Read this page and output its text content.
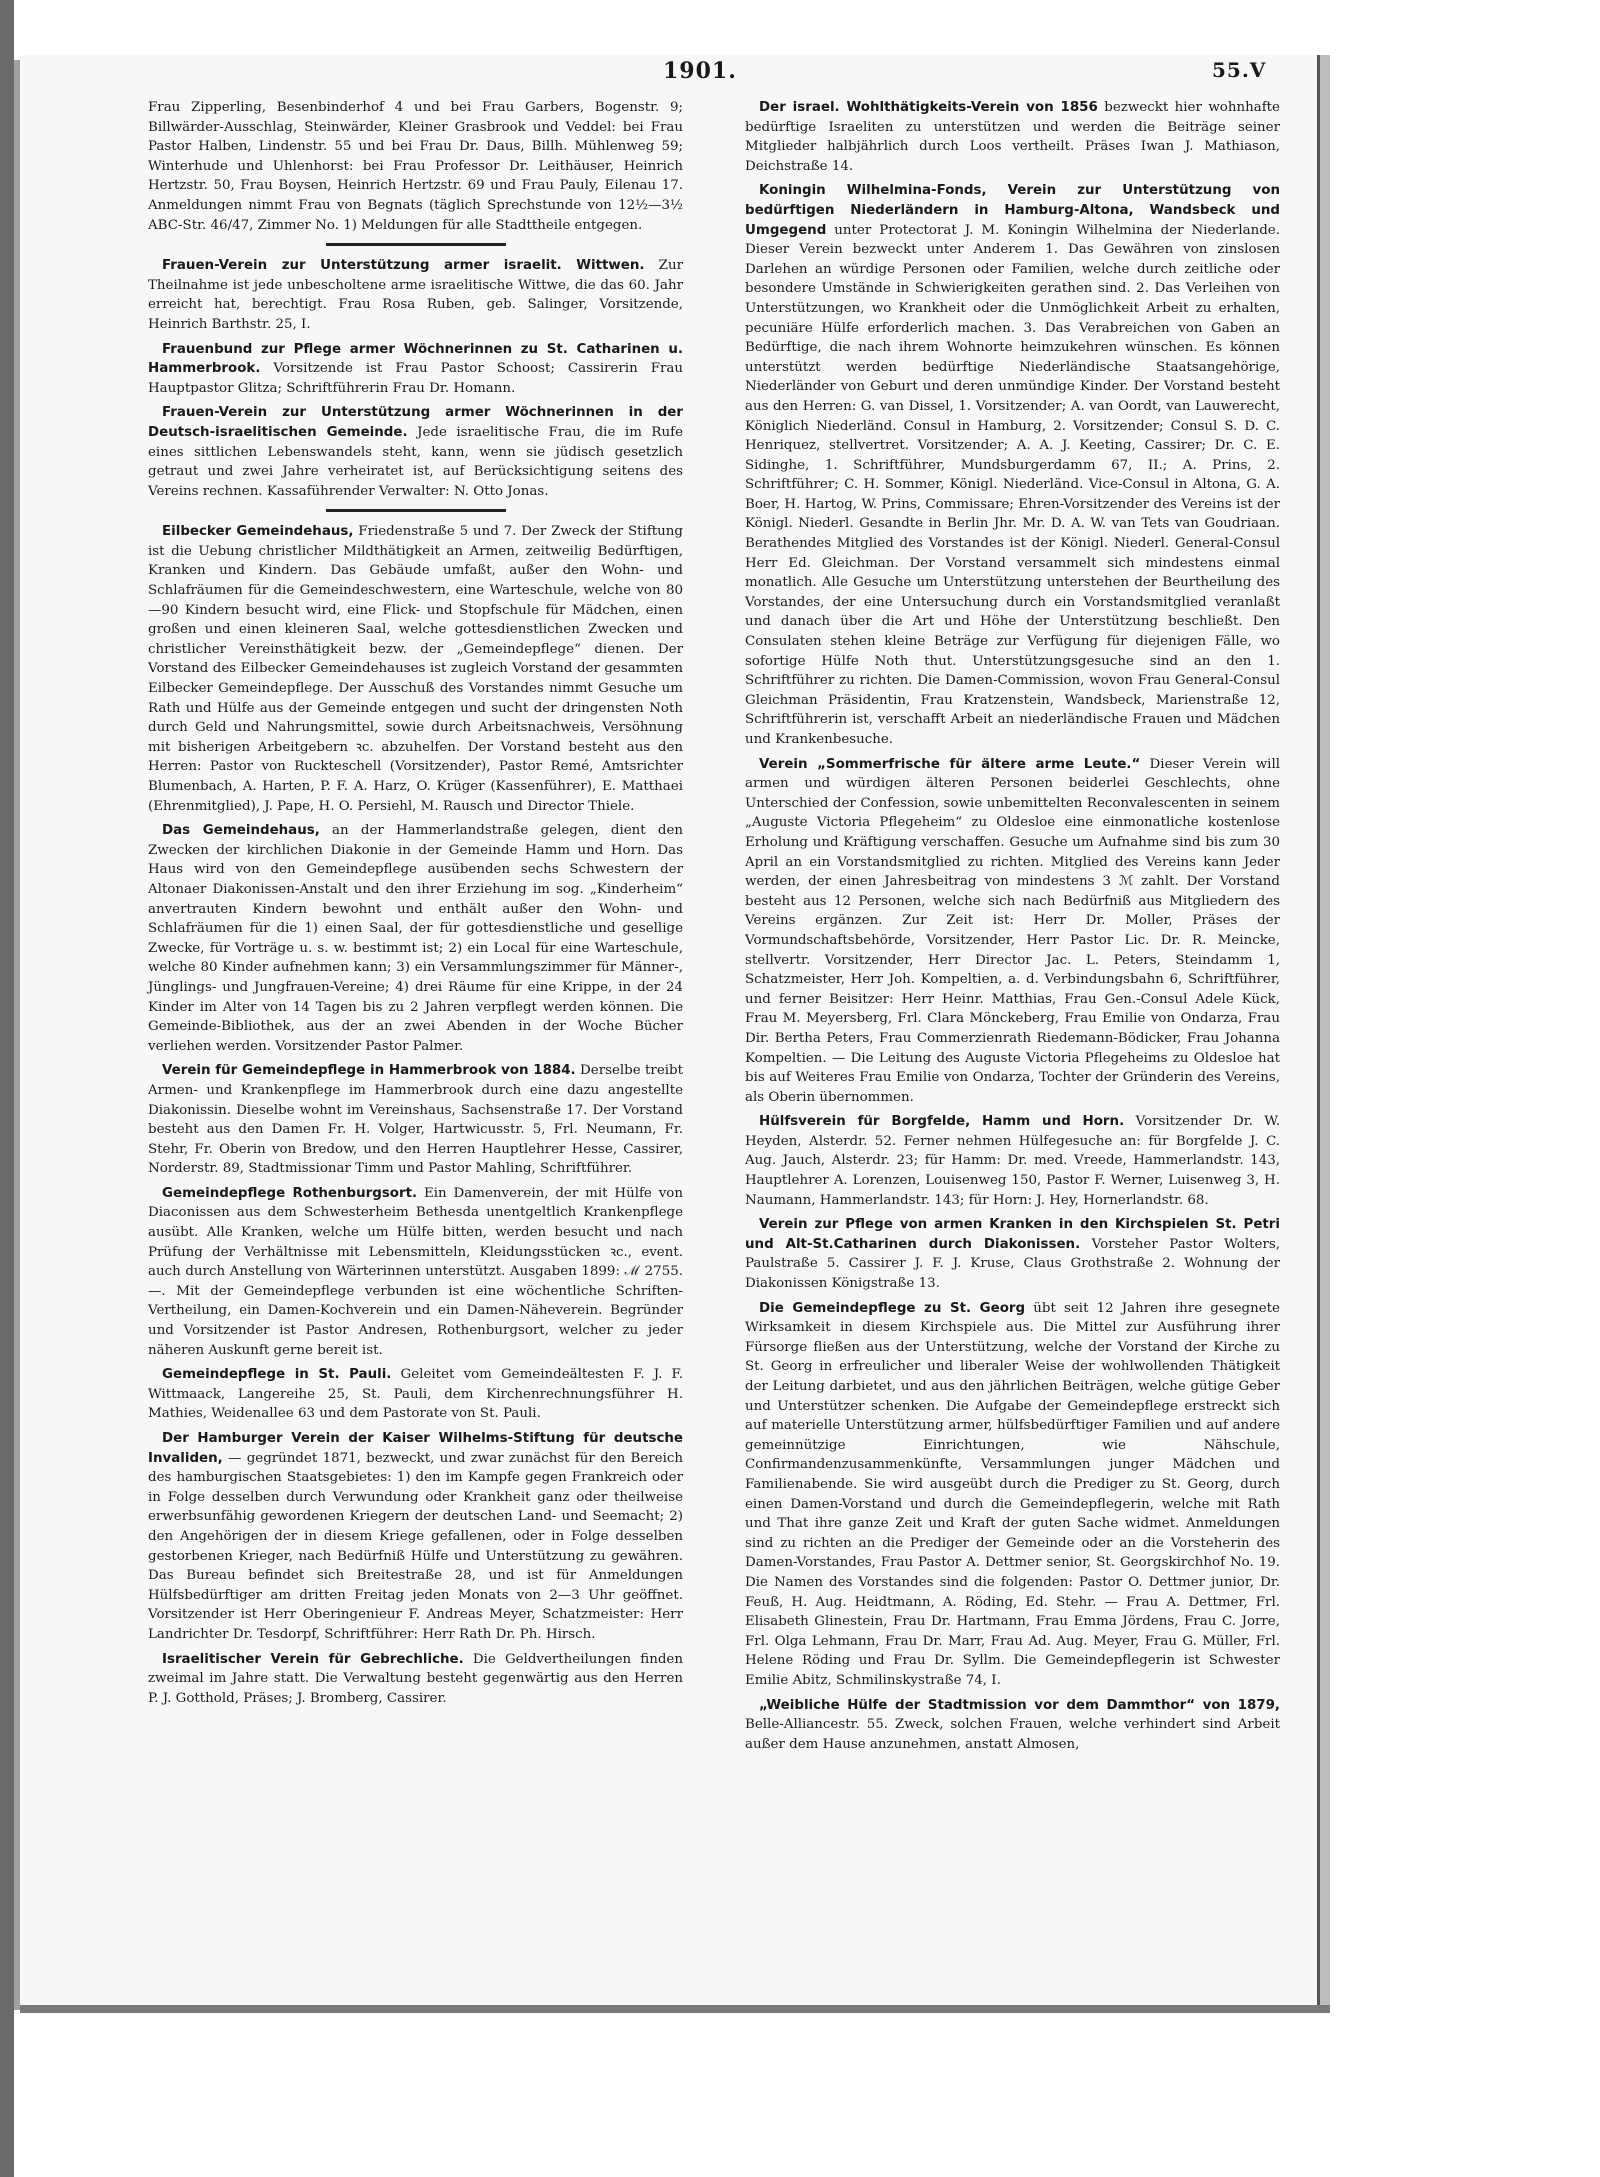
1901.	55.V

Frau Zipperling, Besenbinderhof 4 und bei Frau Garbers, Bogenstr. 9; Billwärder-Ausschlag, Steinwärder, Kleiner Grasbrook und Veddel: bei Frau Pastor Halben, Lindenstr. 55 und bei Frau Dr. Daus, Billh. Mühlenweg 59; Winterhude und Uhlenhorst: bei Frau Professor Dr. Leithäuser, Heinrich Hertzstr. 50, Frau Boysen, Heinrich Hertzstr. 69 und Frau Pauly, Eilenau 17. Anmeldungen nimmt Frau von Begnats (täglich Sprechstunde von 12½—3½ ABC-Str. 46/47, Zimmer No. 1) Meldungen für alle Stadttheile entgegen.

Frauen-Verein zur Unterstützung armer israelit. Wittwen. Zur Theilnahme ist jede unbescholtene arme israelitische Wittwe, die das 60. Jahr erreicht hat, berechtigt. Frau Rosa Ruben, geb. Salinger, Vorsitzende, Heinrich Barthstr. 25, I.

Frauenbund zur Pflege armer Wöchnerinnen zu St. Catharinen u. Hammerbrook. Vorsitzende ist Frau Pastor Schoost; Cassirerin Frau Hauptpastor Glitza; Schriftführerin Frau Dr. Homann.

Frauen-Verein zur Unterstützung armer Wöchnerinnen in der Deutsch-israelitischen Gemeinde. Jede israelitische Frau, die im Rufe eines sittlichen Lebenswandels steht, kann, wenn sie jüdisch gesetzlich getraut und zwei Jahre verheiratet ist, auf Berücksichtigung seitens des Vereins rechnen. Kassaführender Verwalter: N. Otto Jonas.

Eilbecker Gemeindehaus, Friedenstraße 5 und 7. Der Zweck der Stiftung ist die Uebung christlicher Mildthätigkeit an Armen, zeitweilig Bedürftigen, Kranken und Kindern. Das Gebäude umfaßt, außer den Wohn- und Schlafräumen für die Gemeindeschwestern, eine Warteschule, welche von 80—90 Kindern besucht wird, eine Flick- und Stopfschule für Mädchen, einen großen und einen kleineren Saal, welche gottesdienstlichen Zwecken und christlicher Vereinsthätigkeit bezw. der „Gemeindepflege“ dienen. Der Vorstand des Eilbecker Gemeindehauses ist zugleich Vorstand der gesammten Eilbecker Gemeindepflege. Der Ausschuß des Vorstandes nimmt Gesuche um Rath und Hülfe aus der Gemeinde entgegen und sucht der dringensten Noth durch Geld und Nahrungsmittel, sowie durch Arbeitsnachweis, Versöhnung mit bisherigen Arbeitgebern ꝛc. abzuhelfen. Der Vorstand besteht aus den Herren: Pastor von Ruckteschell (Vorsitzender), Pastor Remé, Amtsrichter Blumenbach, A. Harten, P. F. A. Harz, O. Krüger (Kassenführer), E. Matthaei (Ehrenmitglied), J. Pape, H. O. Persiehl, M. Rausch und Director Thiele.

Das Gemeindehaus, an der Hammerlandstraße gelegen, dient den Zwecken der kirchlichen Diakonie in der Gemeinde Hamm und Horn. Das Haus wird von den Gemeindepflege ausübenden sechs Schwestern der Altonaer Diakonissen-Anstalt und den ihrer Erziehung im sog. „Kinderheim“ anvertrauten Kindern bewohnt und enthält außer den Wohn- und Schlafräumen für die 1) einen Saal, der für gottesdienstliche und gesellige Zwecke, für Vorträge u. s. w. bestimmt ist; 2) ein Local für eine Warteschule, welche 80 Kinder aufnehmen kann; 3) ein Versammlungszimmer für Männer-, Jünglings- und Jungfrauen-Vereine; 4) drei Räume für eine Krippe, in der 24 Kinder im Alter von 14 Tagen bis zu 2 Jahren verpflegt werden können. Die Gemeinde-Bibliothek, aus der an zwei Abenden in der Woche Bücher verliehen werden. Vorsitzender Pastor Palmer.

Verein für Gemeindepflege in Hammerbrook von 1884. Derselbe treibt Armen- und Krankenpflege im Hammerbrook durch eine dazu angestellte Diakonissin. Dieselbe wohnt im Vereinshaus, Sachsenstraße 17. Der Vorstand besteht aus den Damen Fr. H. Volger, Hartwicusstr. 5, Frl. Neumann, Fr. Stehr, Fr. Oberin von Bredow, und den Herren Hauptlehrer Hesse, Cassirer, Norderstr. 89, Stadtmissionar Timm und Pastor Mahling, Schriftführer.

Gemeindepflege Rothenburgsort. Ein Damenverein, der mit Hülfe von Diaconissen aus dem Schwesterheim Bethesda unentgeltlich Krankenpflege ausübt. Alle Kranken, welche um Hülfe bitten, werden besucht und nach Prüfung der Verhältnisse mit Lebensmitteln, Kleidungsstücken ꝛc., event. auch durch Anstellung von Wärterinnen unterstützt. Ausgaben 1899: ℳ 2755.—. Mit der Gemeindepflege verbunden ist eine wöchentliche Schriften-Vertheilung, ein Damen-Kochverein und ein Damen-Näheverein. Begründer und Vorsitzender ist Pastor Andresen, Rothenburgsort, welcher zu jeder näheren Auskunft gerne bereit ist.

Gemeindepflege in St. Pauli. Geleitet vom Gemeindeältesten F. J. F. Wittmaack, Langereihe 25, St. Pauli, dem Kirchenrechnungsführer H. Mathies, Weidenallee 63 und dem Pastorate von St. Pauli.

Der Hamburger Verein der Kaiser Wilhelms-Stiftung für deutsche Invaliden, — gegründet 1871, bezweckt, und zwar zunächst für den Bereich des hamburgischen Staatsgebietes: 1) den im Kampfe gegen Frankreich oder in Folge desselben durch Verwundung oder Krankheit ganz oder theilweise erwerbsunfähig gewordenen Kriegern der deutschen Land- und Seemacht; 2) den Angehörigen der in diesem Kriege gefallenen, oder in Folge desselben gestorbenen Krieger, nach Bedürfniß Hülfe und Unterstützung zu gewähren. Das Bureau befindet sich Breitestraße 28, und ist für Anmeldungen Hülfsbedürftiger am dritten Freitag jeden Monats von 2—3 Uhr geöffnet. Vorsitzender ist Herr Oberingenieur F. Andreas Meyer, Schatzmeister: Herr Landrichter Dr. Tesdorpf, Schriftführer: Herr Rath Dr. Ph. Hirsch.

Israelitischer Verein für Gebrechliche. Die Geldvertheilungen finden zweimal im Jahre statt. Die Verwaltung besteht gegenwärtig aus den Herren P. J. Gotthold, Präses; J. Bromberg, Cassirer.

Der israel. Wohlthätigkeits-Verein von 1856 bezweckt hier wohnhafte bedürftige Israeliten zu unterstützen und werden die Beiträge seiner Mitglieder halbjährlich durch Loos vertheilt. Präses Iwan J. Mathiason, Deichstraße 14.

Koningin Wilhelmina-Fonds, Verein zur Unterstützung von bedürftigen Niederländern in Hamburg-Altona, Wandsbeck und Umgegend unter Protectorat J. M. Koningin Wilhelmina der Niederlande. Dieser Verein bezweckt unter Anderem 1. Das Gewähren von zinslosen Darlehen an würdige Personen oder Familien, welche durch zeitliche oder besondere Umstände in Schwierigkeiten gerathen sind. 2. Das Verleihen von Unterstützungen, wo Krankheit oder die Unmöglichkeit Arbeit zu erhalten, pecuniäre Hülfe erforderlich machen. 3. Das Verabreichen von Gaben an Bedürftige, die nach ihrem Wohnorte heimzukehren wünschen. Es können unterstützt werden bedürftige Niederländische Staatsangehörige, Niederländer von Geburt und deren unmündige Kinder. Der Vorstand besteht aus den Herren: G. van Dissel, 1. Vorsitzender; A. van Oordt, van Lauwerecht, Königlich Niederländ. Consul in Hamburg, 2. Vorsitzender; Consul S. D. C. Henriquez, stellvertret. Vorsitzender; A. A. J. Keeting, Cassirer; Dr. C. E. Sidinghe, 1. Schriftführer, Mundsburgerdamm 67, II.; A. Prins, 2. Schriftführer; C. H. Sommer, Königl. Niederländ. Vice-Consul in Altona, G. A. Boer, H. Hartog, W. Prins, Commissare; Ehren-Vorsitzender des Vereins ist der Königl. Niederl. Gesandte in Berlin Jhr. Mr. D. A. W. van Tets van Goudriaan. Berathendes Mitglied des Vorstandes ist der Königl. Niederl. General-Consul Herr Ed. Gleichman. Der Vorstand versammelt sich mindestens einmal monatlich. Alle Gesuche um Unterstützung unterstehen der Beurtheilung des Vorstandes, der eine Untersuchung durch ein Vorstandsmitglied veranlaßt und danach über die Art und Höhe der Unterstützung beschließt. Den Consulaten stehen kleine Beträge zur Verfügung für diejenigen Fälle, wo sofortige Hülfe Noth thut. Unterstützungsgesuche sind an den 1. Schriftführer zu richten. Die Damen-Commission, wovon Frau General-Consul Gleichman Präsidentin, Frau Kratzenstein, Wandsbeck, Marienstraße 12, Schriftführerin ist, verschafft Arbeit an niederländische Frauen und Mädchen und Krankenbesuche.

Verein „Sommerfrische für ältere arme Leute.“ Dieser Verein will armen und würdigen älteren Personen beiderlei Geschlechts, ohne Unterschied der Confession, sowie unbemittelten Reconvalescenten in seinem „Auguste Victoria Pflegeheim“ zu Oldesloe eine einmonatliche kostenlose Erholung und Kräftigung verschaffen. Gesuche um Aufnahme sind bis zum 30 April an ein Vorstandsmitglied zu richten. Mitglied des Vereins kann Jeder werden, der einen Jahresbeitrag von mindestens 3 ℳ zahlt. Der Vorstand besteht aus 12 Personen, welche sich nach Bedürfniß aus Mitgliedern des Vereins ergänzen. Zur Zeit ist: Herr Dr. Moller, Präses der Vormundschaftsbehörde, Vorsitzender, Herr Pastor Lic. Dr. R. Meincke, stellvertr. Vorsitzender, Herr Director Jac. L. Peters, Steindamm 1, Schatzmeister, Herr Joh. Kompeltien, a. d. Verbindungsbahn 6, Schriftführer, und ferner Beisitzer: Herr Heinr. Matthias, Frau Gen.-Consul Adele Kück, Frau M. Meyersberg, Frl. Clara Mönckeberg, Frau Emilie von Ondarza, Frau Dir. Bertha Peters, Frau Commerzienrath Riedemann-Bödicker, Frau Johanna Kompeltien. — Die Leitung des Auguste Victoria Pflegeheims zu Oldesloe hat bis auf Weiteres Frau Emilie von Ondarza, Tochter der Gründerin des Vereins, als Oberin übernommen.

Hülfsverein für Borgfelde, Hamm und Horn. Vorsitzender Dr. W. Heyden, Alsterdr. 52. Ferner nehmen Hülfegesuche an: für Borgfelde J. C. Aug. Jauch, Alsterdr. 23; für Hamm: Dr. med. Vreede, Hammerlandstr. 143, Hauptlehrer A. Lorenzen, Louisenweg 150, Pastor F. Werner, Luisenweg 3, H. Naumann, Hammerlandstr. 143; für Horn: J. Hey, Hornerlandstr. 68.

Verein zur Pflege von armen Kranken in den Kirchspielen St. Petri und Alt-St.Catharinen durch Diakonissen. Vorsteher Pastor Wolters, Paulstraße 5. Cassirer J. F. J. Kruse, Claus Grothstraße 2. Wohnung der Diakonissen Königstraße 13.

Die Gemeindepflege zu St. Georg übt seit 12 Jahren ihre gesegnete Wirksamkeit in diesem Kirchspiele aus. Die Mittel zur Ausführung ihrer Fürsorge fließen aus der Unterstützung, welche der Vorstand der Kirche zu St. Georg in erfreulicher und liberaler Weise der wohlwollenden Thätigkeit der Leitung darbietet, und aus den jährlichen Beiträgen, welche gütige Geber und Unterstützer schenken. Die Aufgabe der Gemeindepflege erstreckt sich auf materielle Unterstützung armer, hülfsbedürftiger Familien und auf andere gemeinnützige Einrichtungen, wie Nähschule, Confirmandenzusammenkünfte, Versammlungen junger Mädchen und Familienabende. Sie wird ausgeübt durch die Prediger zu St. Georg, durch einen Damen-Vorstand und durch die Gemeindepflegerin, welche mit Rath und That ihre ganze Zeit und Kraft der guten Sache widmet. Anmeldungen sind zu richten an die Prediger der Gemeinde oder an die Vorsteherin des Damen-Vorstandes, Frau Pastor A. Dettmer senior, St. Georgskirchhof No. 19. Die Namen des Vorstandes sind die folgenden: Pastor O. Dettmer junior, Dr. Feuß, H. Aug. Heidtmann, A. Röding, Ed. Stehr. — Frau A. Dettmer, Frl. Elisabeth Glinestein, Frau Dr. Hartmann, Frau Emma Jördens, Frau C. Jorre, Frl. Olga Lehmann, Frau Dr. Marr, Frau Ad. Aug. Meyer, Frau G. Müller, Frl. Helene Röding und Frau Dr. Syllm. Die Gemeindepflegerin ist Schwester Emilie Abitz, Schmilinskystraße 74, I.

„Weibliche Hülfe der Stadtmission vor dem Dammthor“ von 1879, Belle-Alliancestr. 55. Zweck, solchen Frauen, welche verhindert sind Arbeit außer dem Hause anzunehmen, anstatt Almosen,
